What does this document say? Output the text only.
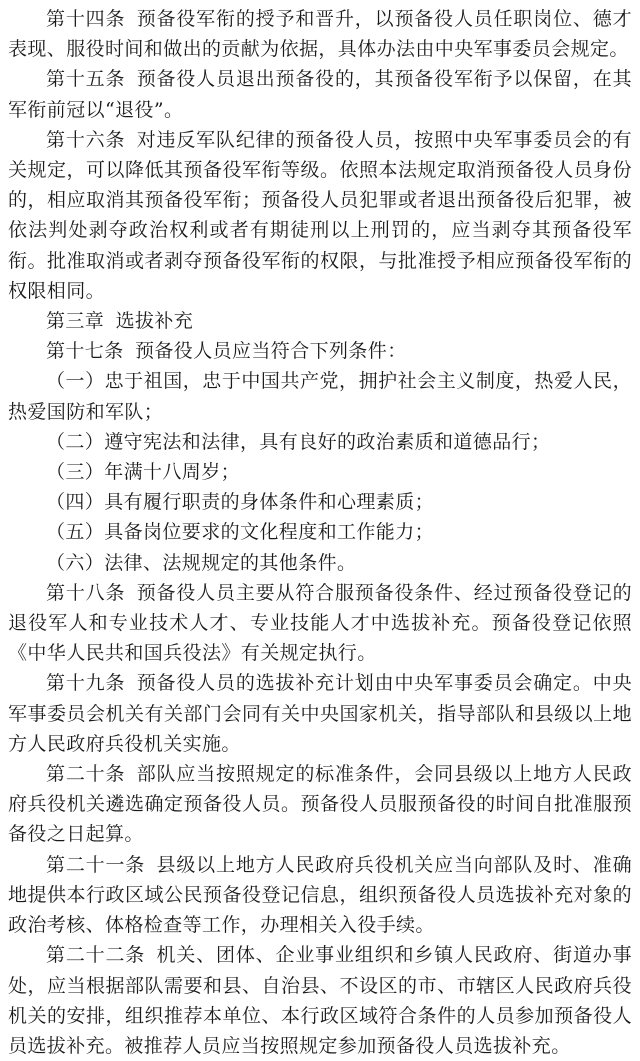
第十四条 预备役军衔的授予和晋升，以预备役人员任职岗位、德才表现、服役时间和做出的贡献为依据，具体办法由中央军事委员会规定。

第十五条 预备役人员退出预备役的，其预备役军衔予以保留，在其军衔前冠以“退役”。

第十六条 对违反军队纪律的预备役人员，按照中央军事委员会的有关规定，可以降低其预备役军衔等级。依照本法规定取消预备役人员身份的，相应取消其预备役军衔；预备役人员犯罪或者退出预备役后犯罪，被依法判处剥夺政治权利或者有期徒刑以上刑罚的，应当剥夺其预备役军衔。批准取消或者剥夺预备役军衔的权限，与批准授予相应预备役军衔的权限相同。

第三章 选拔补充

第十七条 预备役人员应当符合下列条件：

（一）忠于祖国，忠于中国共产党，拥护社会主义制度，热爱人民，热爱国防和军队；

（二）遵守宪法和法律，具有良好的政治素质和道德品行；

（三）年满十八周岁；

（四）具有履行职责的身体条件和心理素质；

（五）具备岗位要求的文化程度和工作能力；

（六）法律、法规规定的其他条件。

第十八条 预备役人员主要从符合服预备役条件、经过预备役登记的退役军人和专业技术人才、专业技能人才中选拔补充。预备役登记依照《中华人民共和国兵役法》有关规定执行。

第十九条 预备役人员的选拔补充计划由中央军事委员会确定。中央军事委员会机关有关部门会同有关中央国家机关，指导部队和县级以上地方人民政府兵役机关实施。

第二十条 部队应当按照规定的标准条件，会同县级以上地方人民政府兵役机关遴选确定预备役人员。预备役人员服预备役的时间自批准服预备役之日起算。

第二十一条 县级以上地方人民政府兵役机关应当向部队及时、准确地提供本行政区域公民预备役登记信息，组织预备役人员选拔补充对象的政治考核、体格检查等工作，办理相关入役手续。

第二十二条 机关、团体、企业事业组织和乡镇人民政府、街道办事处，应当根据部队需要和县、自治县、不设区的市、市辖区人民政府兵役机关的安排，组织推荐本单位、本行政区域符合条件的人员参加预备役人员选拔补充。被推荐人员应当按照规定参加预备役人员选拔补充。
